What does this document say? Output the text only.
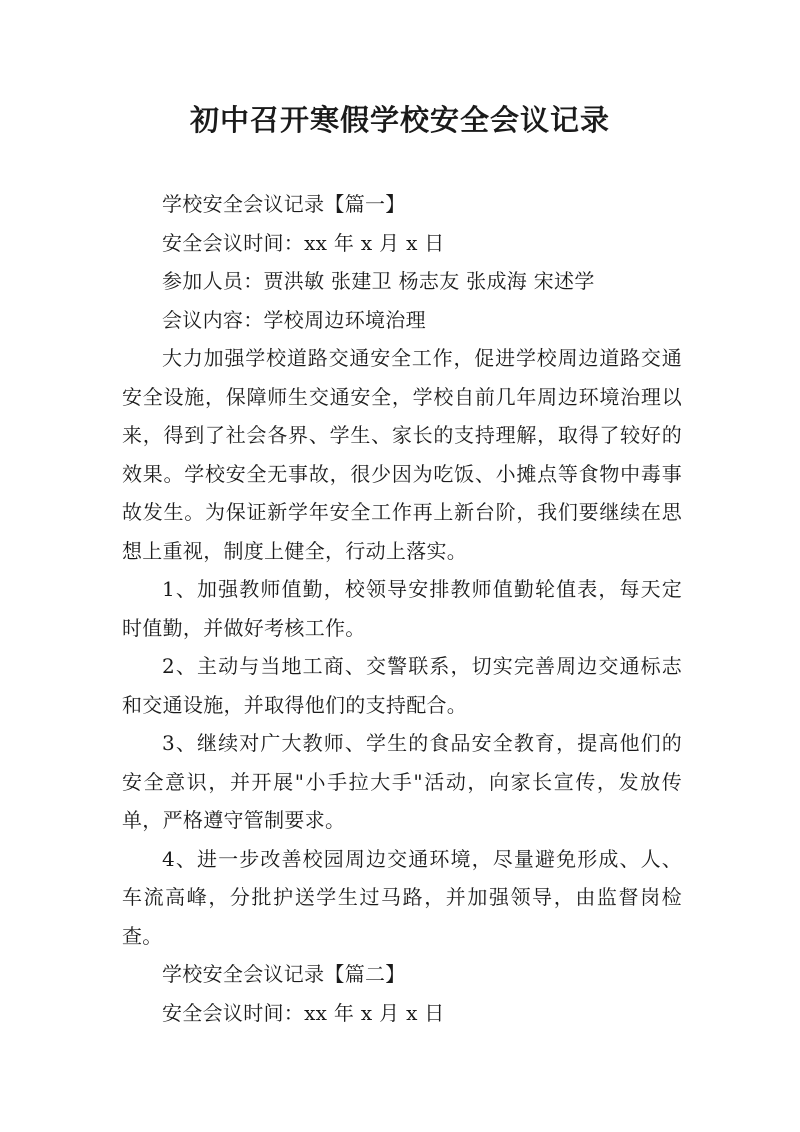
初中召开寒假学校安全会议记录

学校安全会议记录【篇一】

安全会议时间：xx 年 x 月 x 日

参加人员：贾洪敏 张建卫 杨志友 张成海 宋述学

会议内容：学校周边环境治理

大力加强学校道路交通安全工作，促进学校周边道路交通安全设施，保障师生交通安全，学校自前几年周边环境治理以来，得到了社会各界、学生、家长的支持理解，取得了较好的效果。学校安全无事故，很少因为吃饭、小摊点等食物中毒事故发生。为保证新学年安全工作再上新台阶，我们要继续在思想上重视，制度上健全，行动上落实。

1、加强教师值勤，校领导安排教师值勤轮值表，每天定时值勤，并做好考核工作。

2、主动与当地工商、交警联系，切实完善周边交通标志和交通设施，并取得他们的支持配合。

3、继续对广大教师、学生的食品安全教育，提高他们的安全意识，并开展"小手拉大手"活动，向家长宣传，发放传单，严格遵守管制要求。

4、进一步改善校园周边交通环境，尽量避免形成、人、车流高峰，分批护送学生过马路，并加强领导，由监督岗检查。

学校安全会议记录【篇二】

安全会议时间：xx 年 x 月 x 日
